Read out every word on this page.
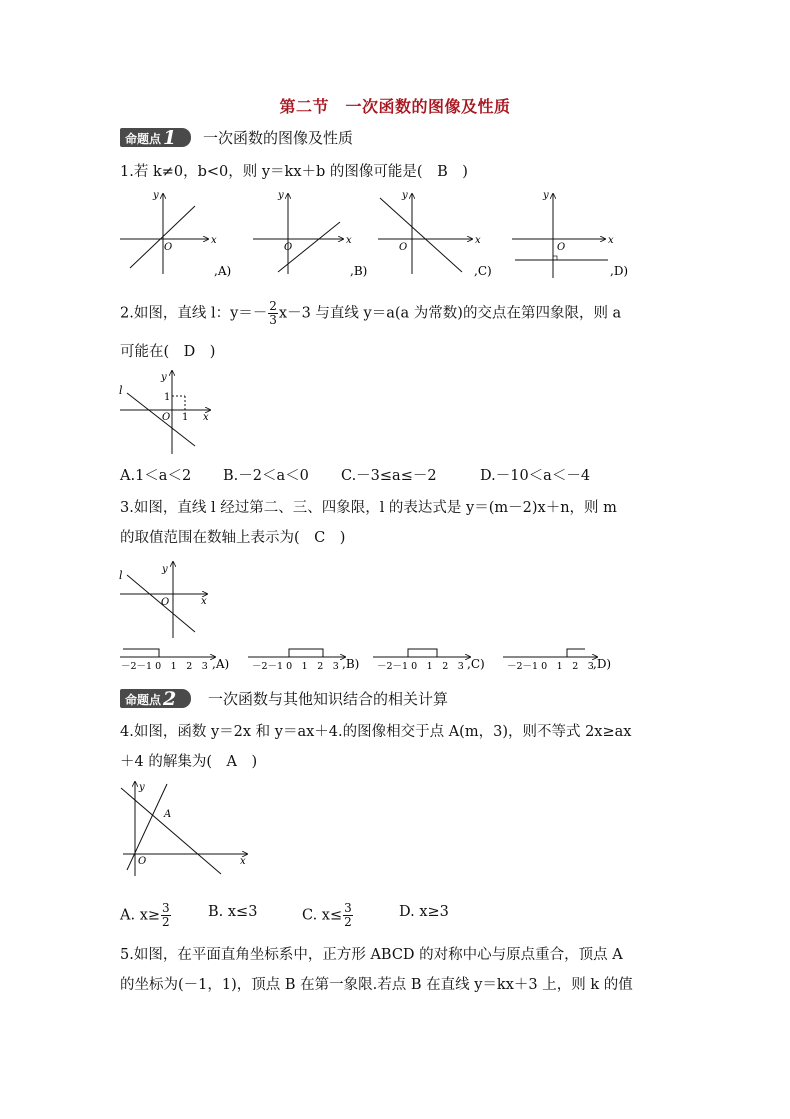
第二节　一次函数的图像及性质
命题点 1	一次函数的图像及性质
1.若 k≠0，b<0，则 y＝kx＋b 的图像可能是(　B　)
x
y
O
,A)
x
y
O
,B)
x
y
O
,C)
x
y
O
,D)
2.如图，直线 l：$y=- \frac{2}{3} x-3$ 与直线 y＝a(a 为常数)的交点在第四象限，则 a
可能在(　D　)
l
y
1
O 1 x
A.1＜a＜2 B.－2＜a＜0 C.－3≤a≤－2	D.－10＜a＜－4
3.如图，直线 l 经过第二、三、四象限，l 的表达式是 y＝(m－2)x＋n，则 m
的取值范围在数轴上表示为(　C　)
l	y
O	x
－2－1 0　1　2　3 ,A) －2－1 0　1　2　3 ,B) －2－1 0　1　2　3 ,C) －2－1 0　1　2　3 ,D)
命题点 2	一次函数与其他知识结合的相关计算
4.如图，函数 y＝2x 和 y＝ax＋4.的图像相交于点 A(m，3)，则不等式 2x≥ax
＋4 的解集为(　A　)
y
A
O	x
A. $x\ge \frac{3}{2}$	B. x≤3	C. $x\le \frac{3}{2}$	D. x≥3
5.如图，在平面直角坐标系中，正方形 ABCD 的对称中心与原点重合，顶点 A
的坐标为(－1，1)，顶点 B 在第一象限.若点 B 在直线 y＝kx＋3 上，则 k 的值
